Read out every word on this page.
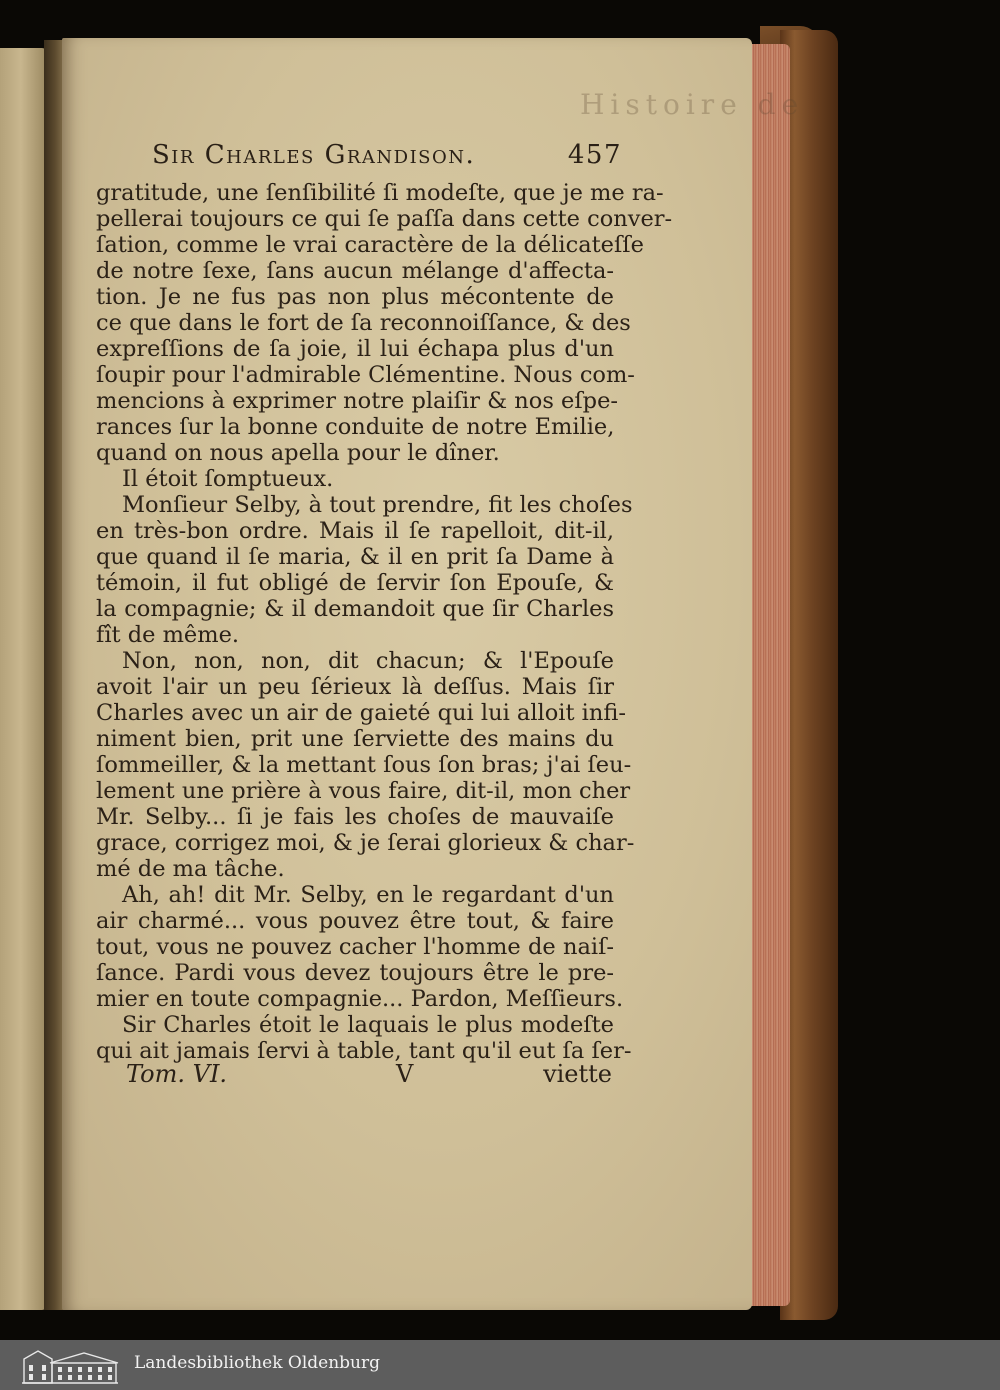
Histoire de
Sir Charles Grandison.	457
gratitude, une ſenſibilité ſi modeſte, que je me ra-
pellerai toujours ce qui ſe paſſa dans cette conver-
ſation, comme le vrai caractère de la délicateſſe
de notre ſexe, ſans aucun mélange d'affecta-
tion. Je ne fus pas non plus mécontente de
ce que dans le fort de ſa reconnoiſſance, & des
expreſſions de ſa joie, il lui échapa plus d'un
ſoupir pour l'admirable Clémentine. Nous com-
mencions à exprimer notre plaiſir & nos eſpe-
rances ſur la bonne conduite de notre Emilie,
quand on nous apella pour le dîner.
Il étoit ſomptueux.
Monſieur Selby, à tout prendre, fit les choſes
en très-bon ordre. Mais il ſe rapelloit, dit-il,
que quand il ſe maria, & il en prit ſa Dame à
témoin, il fut obligé de ſervir ſon Epouſe, &
la compagnie; & il demandoit que ſir Charles
fît de même.
Non, non, non, dit chacun; & l'Epouſe
avoit l'air un peu ſérieux là deſſus. Mais ſir
Charles avec un air de gaieté qui lui alloit infi-
niment bien, prit une ſerviette des mains du
ſommeiller, & la mettant ſous ſon bras; j'ai ſeu-
lement une prière à vous faire, dit-il, mon cher
Mr. Selby... ſi je fais les choſes de mauvaiſe
grace, corrigez moi, & je ſerai glorieux & char-
mé de ma tâche.
Ah, ah! dit Mr. Selby, en le regardant d'un
air charmé... vous pouvez être tout, & faire
tout, vous ne pouvez cacher l'homme de naiſ-
ſance. Pardi vous devez toujours être le pre-
mier en toute compagnie... Pardon, Meſſieurs.
Sir Charles étoit le laquais le plus modeſte
qui ait jamais ſervi à table, tant qu'il eut ſa ſer-
Tom. VI.	V	viette
Landesbibliothek Oldenburg
